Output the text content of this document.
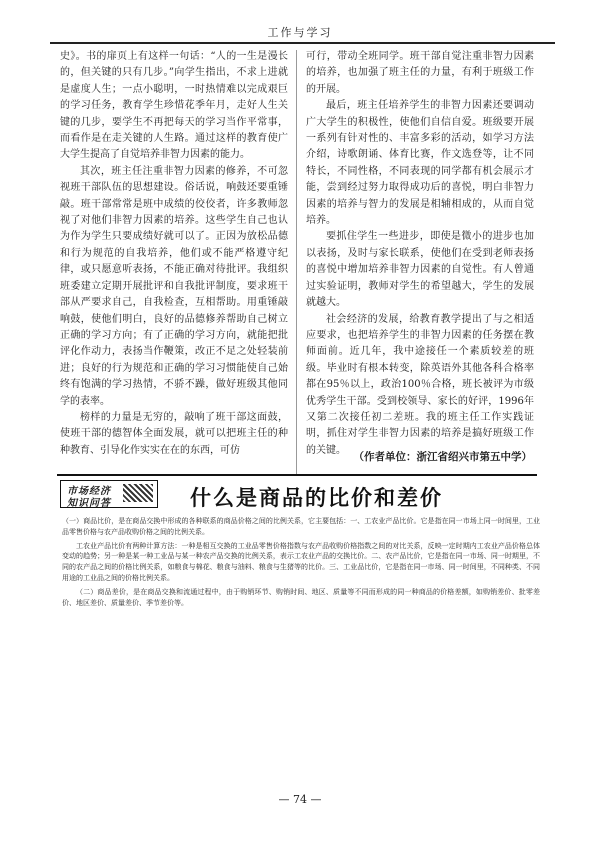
工作与学习

史》。书的扉页上有这样一句话：“人的一生是漫长的，但关键的只有几步。”向学生指出，不求上进就是虚度人生；一点小聪明，一时热情难以完成艰巨的学习任务，教育学生珍惜花季年月，走好人生关键的几步，要学生不再把每天的学习当作平常事，而看作是在走关键的人生路。通过这样的教育使广大学生提高了自觉培养非智力因素的能力。

其次，班主任注重非智力因素的修养，不可忽视班干部队伍的思想建设。俗话说，响鼓还要重锤敲。班干部常常是班中成绩的佼佼者，许多教师忽视了对他们非智力因素的培养。这些学生自己也认为作为学生只要成绩好就可以了。正因为放松品德和行为规范的自我培养，他们或不能严格遵守纪律，或只愿意听表扬，不能正确对待批评。我组织班委建立定期开展批评和自我批评制度，要求班干部从严要求自己，自我检查，互相帮助。用重锤敲响鼓，使他们明白，良好的品德修养帮助自己树立正确的学习方向；有了正确的学习方向，就能把批评化作动力，表扬当作鞭策，改正不足之处轻装前进；良好的行为规范和正确的学习习惯能使自己始终有饱满的学习热情，不骄不躁，做好班级其他同学的表率。

榜样的力量是无穷的，敲响了班干部这面鼓，使班干部的德智体全面发展，就可以把班主任的种种教育、引导化作实实在在的东西，可仿

可行，带动全班同学。班干部自觉注重非智力因素的培养，也加强了班主任的力量，有利于班级工作的开展。

最后，班主任培养学生的非智力因素还要调动广大学生的积极性，使他们自信自爱。班级要开展一系列有针对性的、丰富多彩的活动，如学习方法介绍，诗歌朗诵、体育比赛，作文选登等，让不同特长，不同性格，不同表现的同学都有机会展示才能，尝到经过努力取得成功后的喜悦，明白非智力因素的培养与智力的发展是相辅相成的，从而自觉培养。

要抓住学生一些进步，即使是微小的进步也加以表扬，及时与家长联系，使他们在受到老师表扬的喜悦中增加培养非智力因素的自觉性。有人曾通过实验证明，教师对学生的希望越大，学生的发展就越大。

社会经济的发展，给教育教学提出了与之相适应要求，也把培养学生的非智力因素的任务摆在教师面前。近几年，我中途接任一个素质较差的班级。毕业时有根本转变，除英语外其他各科合格率都在95％以上，政治100％合格，班长被评为市级优秀学生干部。受到校领导、家长的好评，1996年又第二次接任初二差班。我的班主任工作实践证明，抓住对学生非智力因素的培养是搞好班级工作的关键。

（作者单位：浙江省绍兴市第五中学）
市场经济
知识问答	什么是商品的比价和差价

（一）商品比价，是在商品交换中形成的各种联系的商品价格之间的比例关系，它主要包括：一、工农业产品比价。它是指在同一市场上同一时间里，工业品零售价格与农产品收购价格之间的比例关系。

工农业产品比价有两种计算方法：一种是相互交换的工业品零售价格指数与农产品收购价格指数之间的对比关系，反映一定时期内工农业产品价格总体变动的趋势；另一种是某一种工业品与某一种农产品交换的比例关系，表示工农业产品的交换比价。二、农产品比价，它是指在同一市场、同一时期里，不同的农产品之间的价格比例关系，如粮食与棉花、粮食与油料、粮食与生猪等的比价。三、工业品比价，它是指在同一市场、同一时间里，不同种类、不同用途的工业品之间的价格比例关系。

（二）商品差价，是在商品交换和流通过程中，由于购销环节、购销时间、地区、质量等不同而形成的同一种商品的价格差额，如购销差价、批零差价、地区差价、质量差价、季节差价等。

— 74 —
